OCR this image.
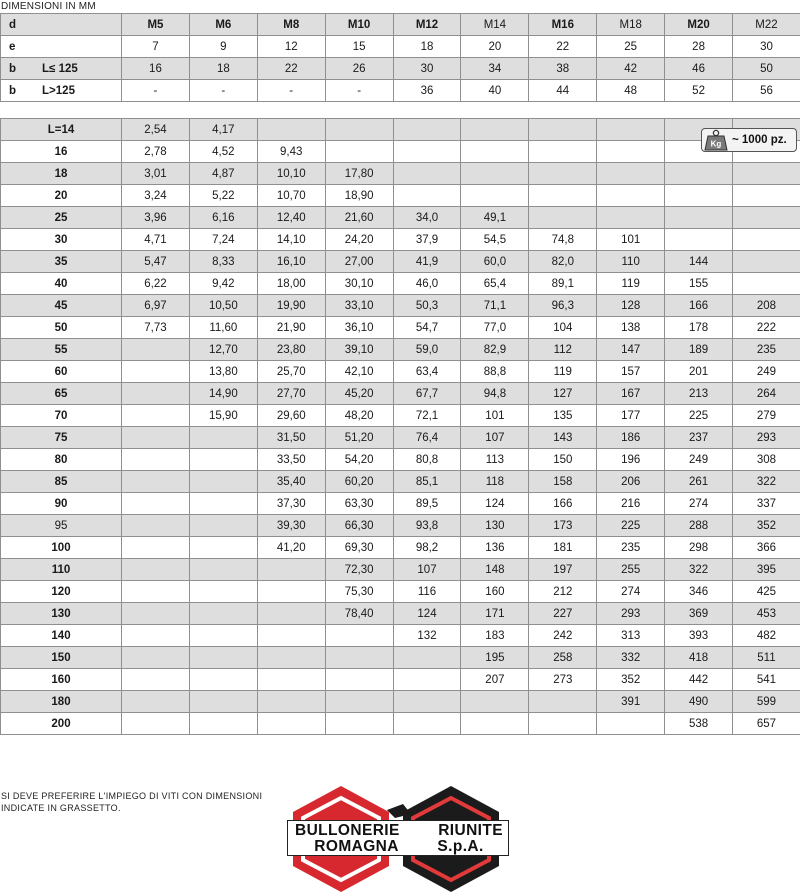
DIMENSIONI IN MM
d	M5	M6	M8	M10	M12	M14	M16	M18	M20	M22
e	7	9	12	15	18	20	22	25	28	30
b L≤ 125	16	18	22	26	30	34	38	42	46	50
b L>125	-	-	-	-	36	40	44	48	52	56
L=14	2,54	4,17								
16	2,78	4,52	9,43							
18	3,01	4,87	10,10	17,80						
20	3,24	5,22	10,70	18,90						
25	3,96	6,16	12,40	21,60	34,0	49,1				
30	4,71	7,24	14,10	24,20	37,9	54,5	74,8	101		
35	5,47	8,33	16,10	27,00	41,9	60,0	82,0	110	144	
40	6,22	9,42	18,00	30,10	46,0	65,4	89,1	119	155	
45	6,97	10,50	19,90	33,10	50,3	71,1	96,3	128	166	208
50	7,73	11,60	21,90	36,10	54,7	77,0	104	138	178	222
55		12,70	23,80	39,10	59,0	82,9	112	147	189	235
60		13,80	25,70	42,10	63,4	88,8	119	157	201	249
65		14,90	27,70	45,20	67,7	94,8	127	167	213	264
70		15,90	29,60	48,20	72,1	101	135	177	225	279
75			31,50	51,20	76,4	107	143	186	237	293
80			33,50	54,20	80,8	113	150	196	249	308
85			35,40	60,20	85,1	118	158	206	261	322
90			37,30	63,30	89,5	124	166	216	274	337
95			39,30	66,30	93,8	130	173	225	288	352
100			41,20	69,30	98,2	136	181	235	298	366
110				72,30	107	148	197	255	322	395
120				75,30	116	160	212	274	346	425
130				78,40	124	171	227	293	369	453
140					132	183	242	313	393	482
150						195	258	332	418	511
160						207	273	352	442	541
180								391	490	599
200									538	657
Kg ~ 1000 pz.
SI DEVE PREFERIRE L'IMPIEGO DI VITI CON DIMENSIONI INDICATE IN GRASSETTO.
BULLONERIE RIUNITE
ROMAGNA S.p.A.
